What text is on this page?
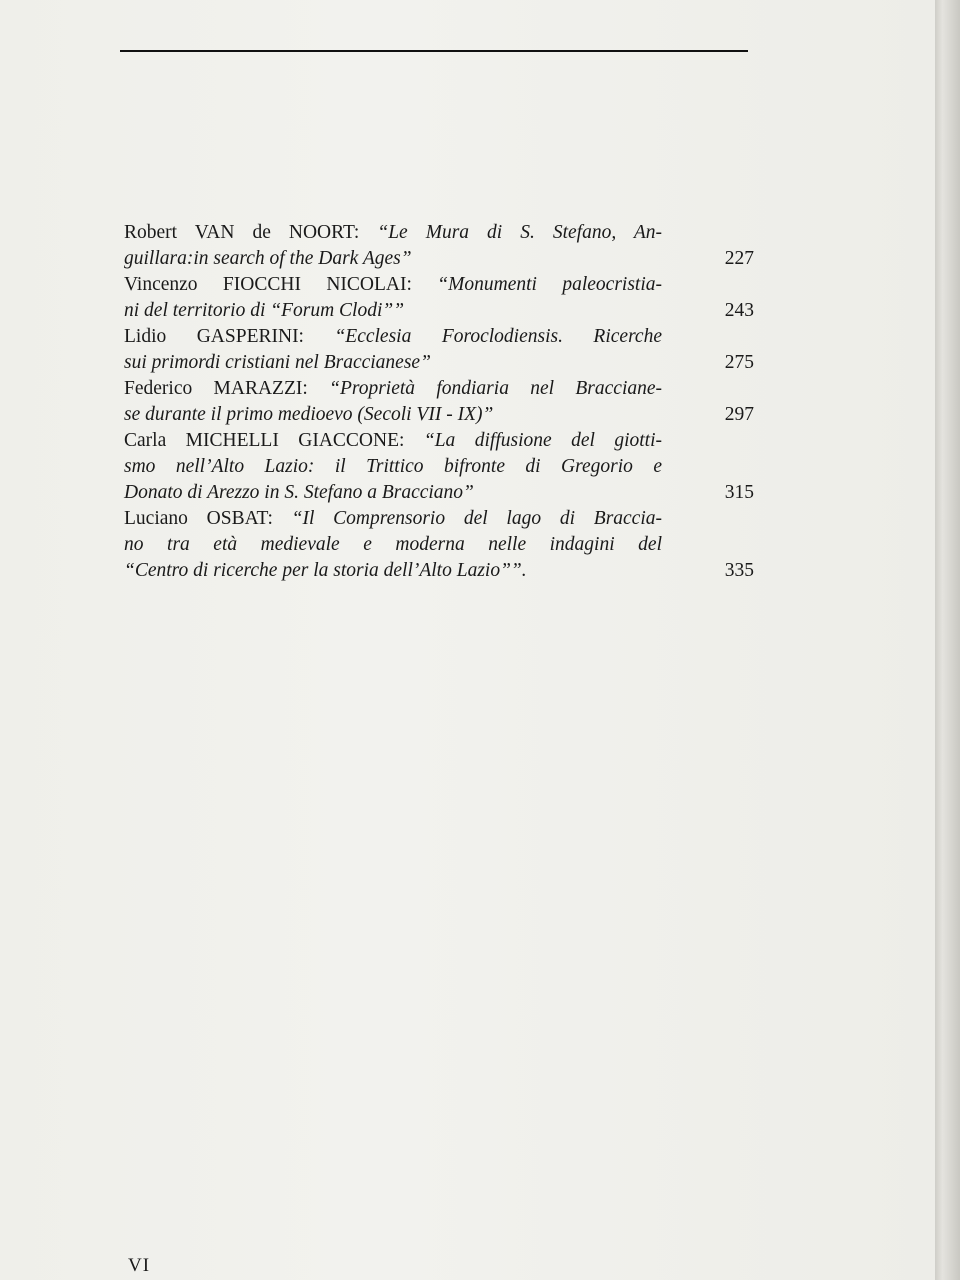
Robert VAN de NOORT: “Le Mura di S. Stefano, An-
guillara:in search of the Dark Ages”	227
Vincenzo FIOCCHI NICOLAI: “Monumenti paleocristia-
ni del territorio di “Forum Clodi””	243
Lidio GASPERINI: “Ecclesia Foroclodiensis. Ricerche
sui primordi cristiani nel Braccianese”	275
Federico MARAZZI: “Proprietà fondiaria nel Bracciane-
se durante il primo medioevo (Secoli VII - IX)”	297
Carla MICHELLI GIACCONE: “La diffusione del giotti-
smo nell’Alto Lazio: il Trittico bifronte di Gregorio e
Donato di Arezzo in S. Stefano a Bracciano”	315
Luciano OSBAT: “Il Comprensorio del lago di Braccia-
no tra età medievale e moderna nelle indagini del
“Centro di ricerche per la storia dell’Alto Lazio””.	335
VI
